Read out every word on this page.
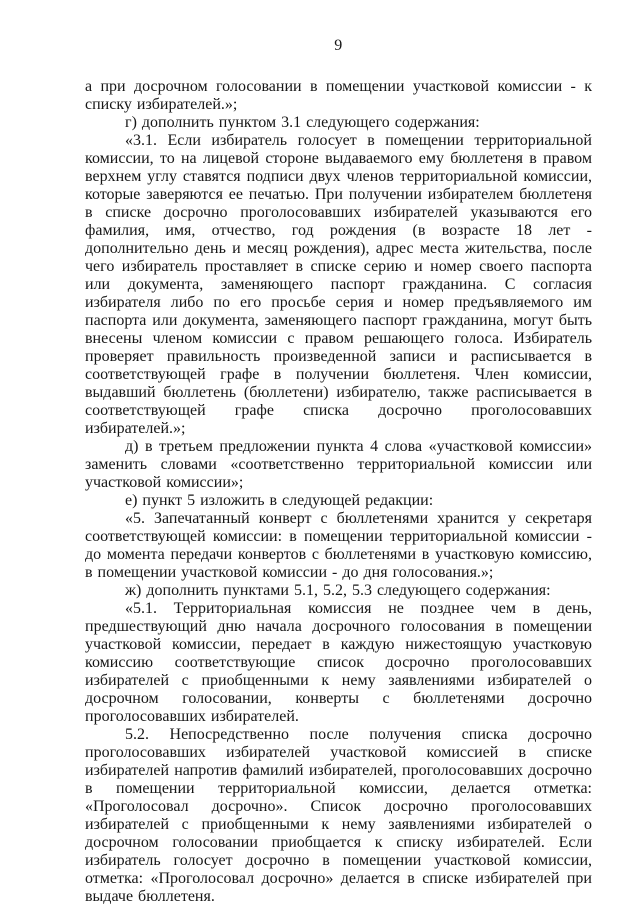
9

а при досрочном голосовании в помещении участковой комиссии - к списку избирателей.»;

г) дополнить пунктом 3.1 следующего содержания:

«3.1. Если избиратель голосует в помещении территориальной комиссии, то на лицевой стороне выдаваемого ему бюллетеня в правом верхнем углу ставятся подписи двух членов территориальной комиссии, которые заверяются ее печатью. При получении избирателем бюллетеня в списке досрочно проголосовавших избирателей указываются его фамилия, имя, отчество, год рождения (в возрасте 18 лет - дополнительно день и месяц рождения), адрес места жительства, после чего избиратель проставляет в списке серию и номер своего паспорта или документа, заменяющего паспорт гражданина. С согласия избирателя либо по его просьбе серия и номер предъявляемого им паспорта или документа, заменяющего паспорт гражданина, могут быть внесены членом комиссии с правом решающего голоса. Избиратель проверяет правильность произведенной записи и расписывается в соответствующей графе в получении бюллетеня. Член комиссии, выдавший бюллетень (бюллетени) избирателю, также расписывается в соответствующей графе списка досрочно проголосовавших избирателей.»;

д) в третьем предложении пункта 4 слова «участковой комиссии» заменить словами «соответственно территориальной комиссии или участковой комиссии»;

е) пункт 5 изложить в следующей редакции:

«5. Запечатанный конверт с бюллетенями хранится у секретаря соответствующей комиссии: в помещении территориальной комиссии - до момента передачи конвертов с бюллетенями в участковую комиссию, в помещении участковой комиссии - до дня голосования.»;

ж) дополнить пунктами 5.1, 5.2, 5.3 следующего содержания:

«5.1. Территориальная комиссия не позднее чем в день, предшествующий дню начала досрочного голосования в помещении участковой комиссии, передает в каждую нижестоящую участковую комиссию соответствующие список досрочно проголосовавших избирателей с приобщенными к нему заявлениями избирателей о досрочном голосовании, конверты с бюллетенями досрочно проголосовавших избирателей.

5.2. Непосредственно после получения списка досрочно проголосовавших избирателей участковой комиссией в списке избирателей напротив фамилий избирателей, проголосовавших досрочно в помещении территориальной комиссии, делается отметка: «Проголосовал досрочно». Список досрочно проголосовавших избирателей с приобщенными к нему заявлениями избирателей о досрочном голосовании приобщается к списку избирателей. Если избиратель голосует досрочно в помещении участковой комиссии, отметка: «Проголосовал досрочно» делается в списке избирателей при выдаче бюллетеня.
